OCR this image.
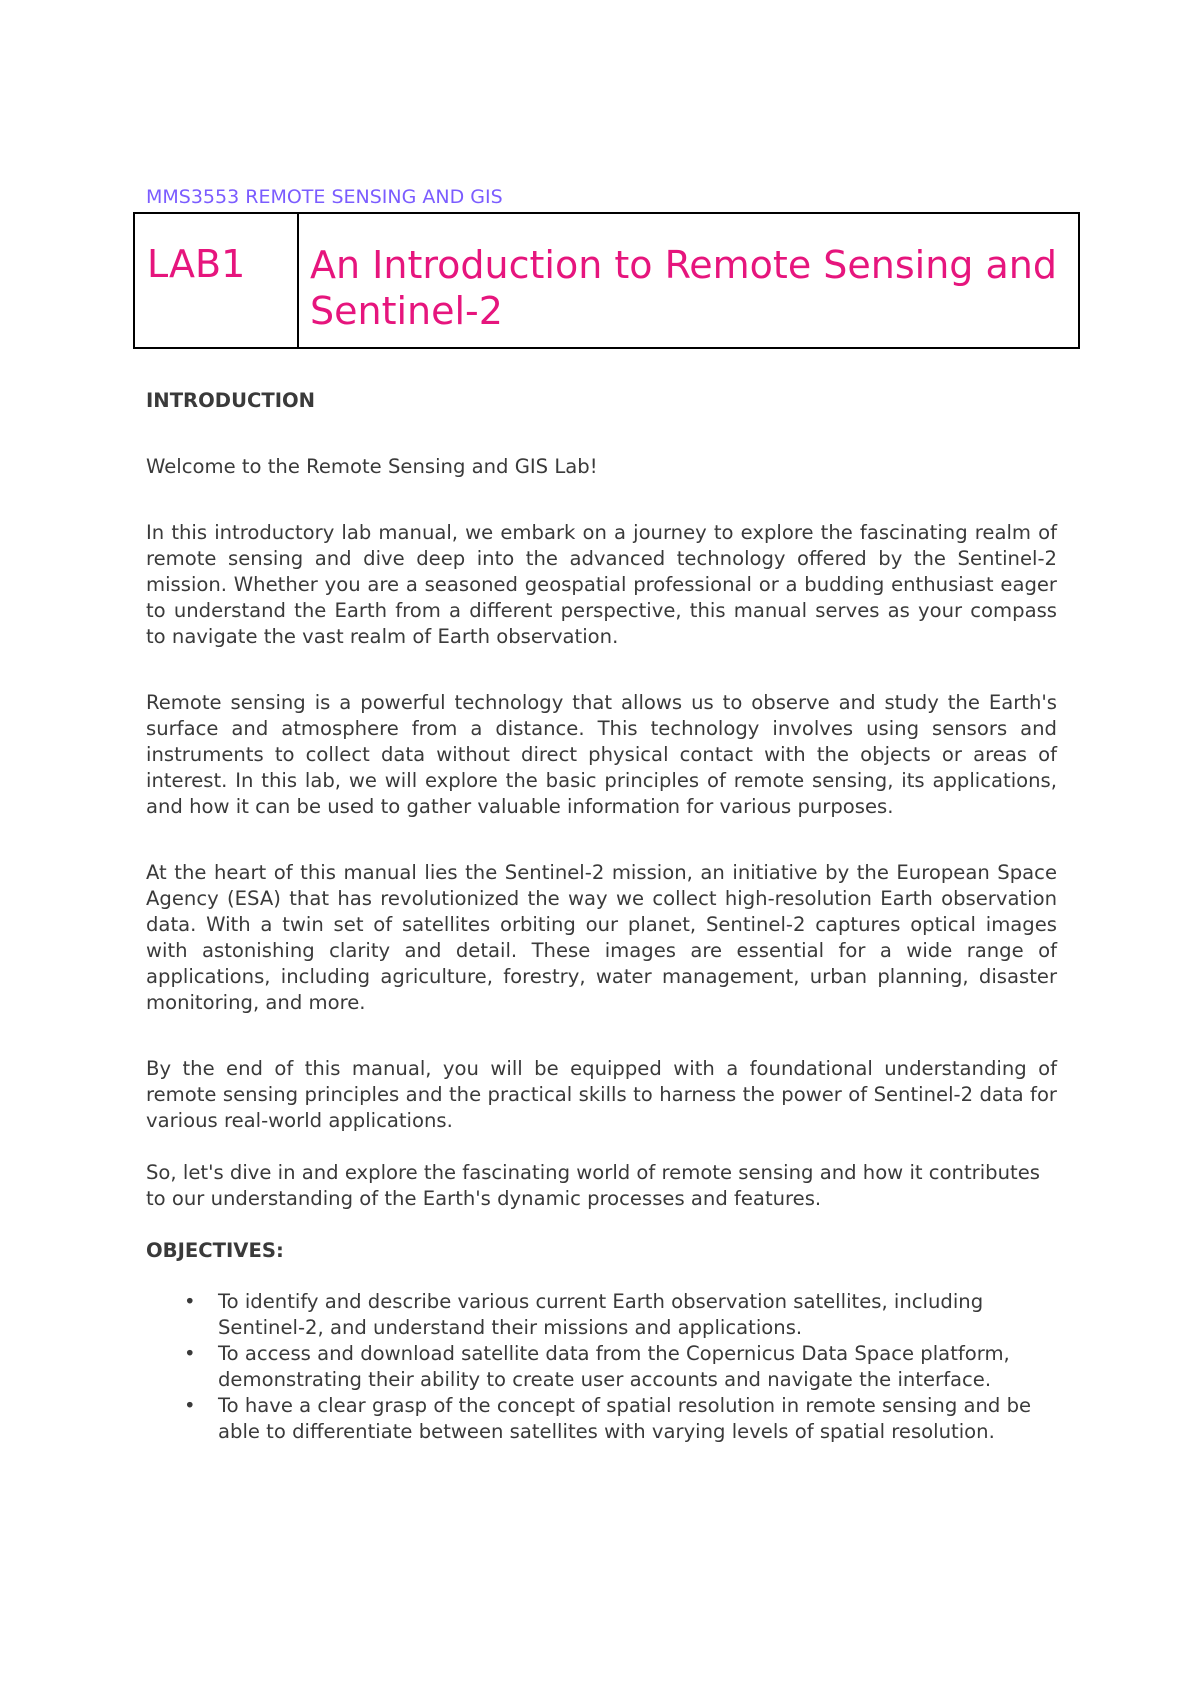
MMS3553 REMOTE SENSING AND GIS
LAB1	An Introduction to Remote Sensing and Sentinel-2

INTRODUCTION

Welcome to the Remote Sensing and GIS Lab!

In this introductory lab manual, we embark on a journey to explore the fascinating realm of remote sensing and dive deep into the advanced technology offered by the Sentinel-2 mission. Whether you are a seasoned geospatial professional or a budding enthusiast eager to understand the Earth from a different perspective, this manual serves as your compass to navigate the vast realm of Earth observation.

Remote sensing is a powerful technology that allows us to observe and study the Earth's surface and atmosphere from a distance. This technology involves using sensors and instruments to collect data without direct physical contact with the objects or areas of interest. In this lab, we will explore the basic principles of remote sensing, its applications, and how it can be used to gather valuable information for various purposes.

At the heart of this manual lies the Sentinel-2 mission, an initiative by the European Space Agency (ESA) that has revolutionized the way we collect high-resolution Earth observation data. With a twin set of satellites orbiting our planet, Sentinel-2 captures optical images with astonishing clarity and detail. These images are essential for a wide range of applications, including agriculture, forestry, water management, urban planning, disaster monitoring, and more.

By the end of this manual, you will be equipped with a foundational understanding of remote sensing principles and the practical skills to harness the power of Sentinel-2 data for various real-world applications.

So, let's dive in and explore the fascinating world of remote sensing and how it contributes to our understanding of the Earth's dynamic processes and features.

OBJECTIVES:

• To identify and describe various current Earth observation satellites, including Sentinel-2, and understand their missions and applications.
• To access and download satellite data from the Copernicus Data Space platform, demonstrating their ability to create user accounts and navigate the interface.
• To have a clear grasp of the concept of spatial resolution in remote sensing and be able to differentiate between satellites with varying levels of spatial resolution.
